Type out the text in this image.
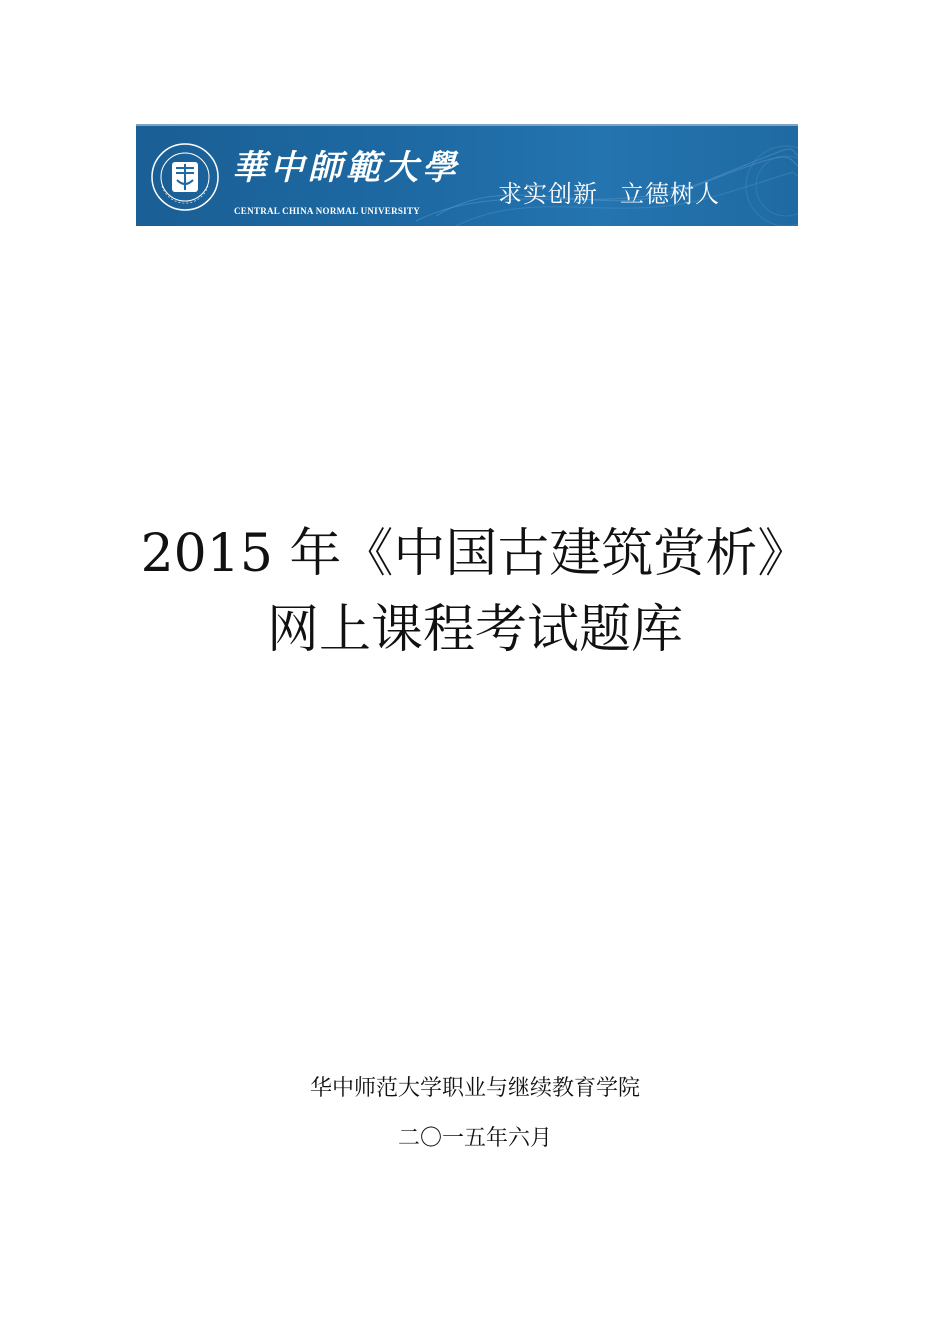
華中師範大學
CENTRAL CHINA NORMAL UNIVERSITY
求实创新 立德树人
2015 年《中国古建筑赏析》
网上课程考试题库
华中师范大学职业与继续教育学院
二〇一五年六月
